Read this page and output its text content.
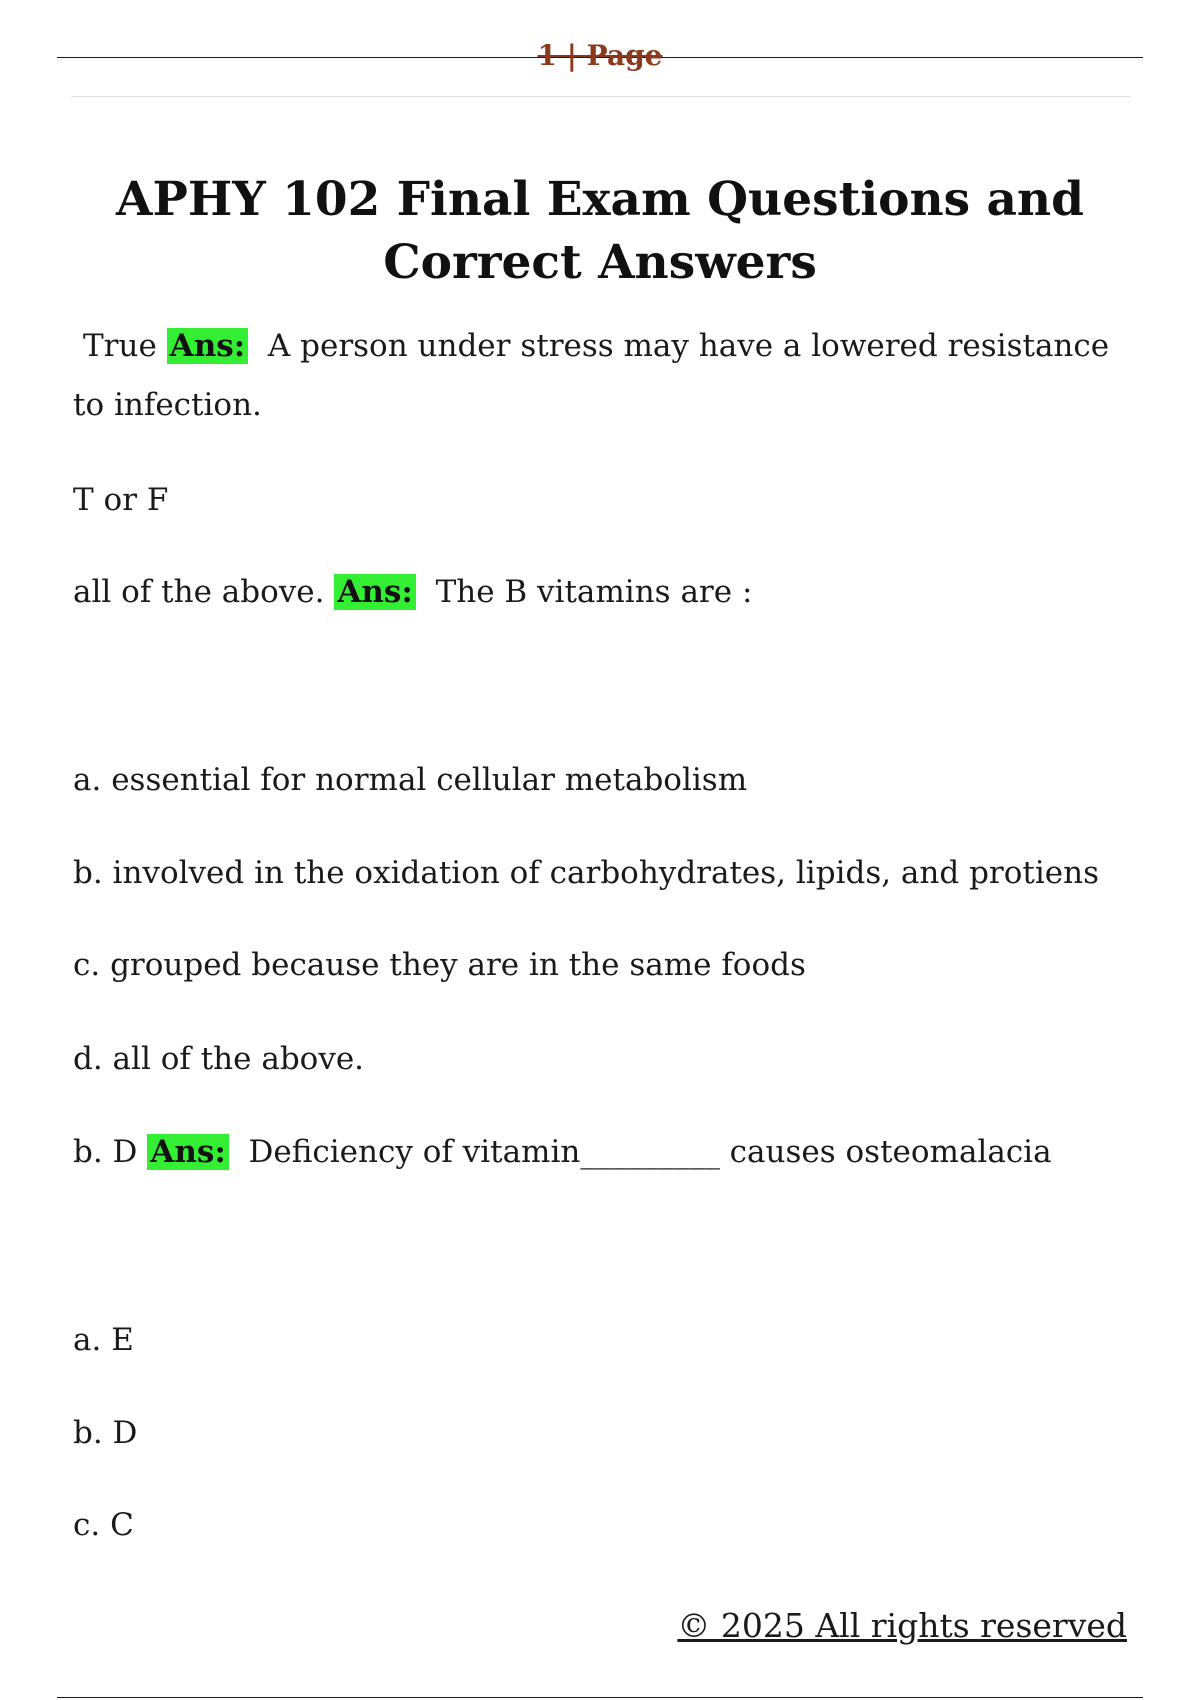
1 | Page
APHY 102 Final Exam Questions and Correct Answers

True Ans: A person under stress may have a lowered resistance to infection.

T or F

all of the above. Ans: The B vitamins are :

a. essential for normal cellular metabolism

b. involved in the oxidation of carbohydrates, lipids, and protiens

c. grouped because they are in the same foods

d. all of the above.

b. D Ans: Deficiency of vitamin_________ causes osteomalacia

a. E

b. D

c. C

© 2025 All rights reserved
